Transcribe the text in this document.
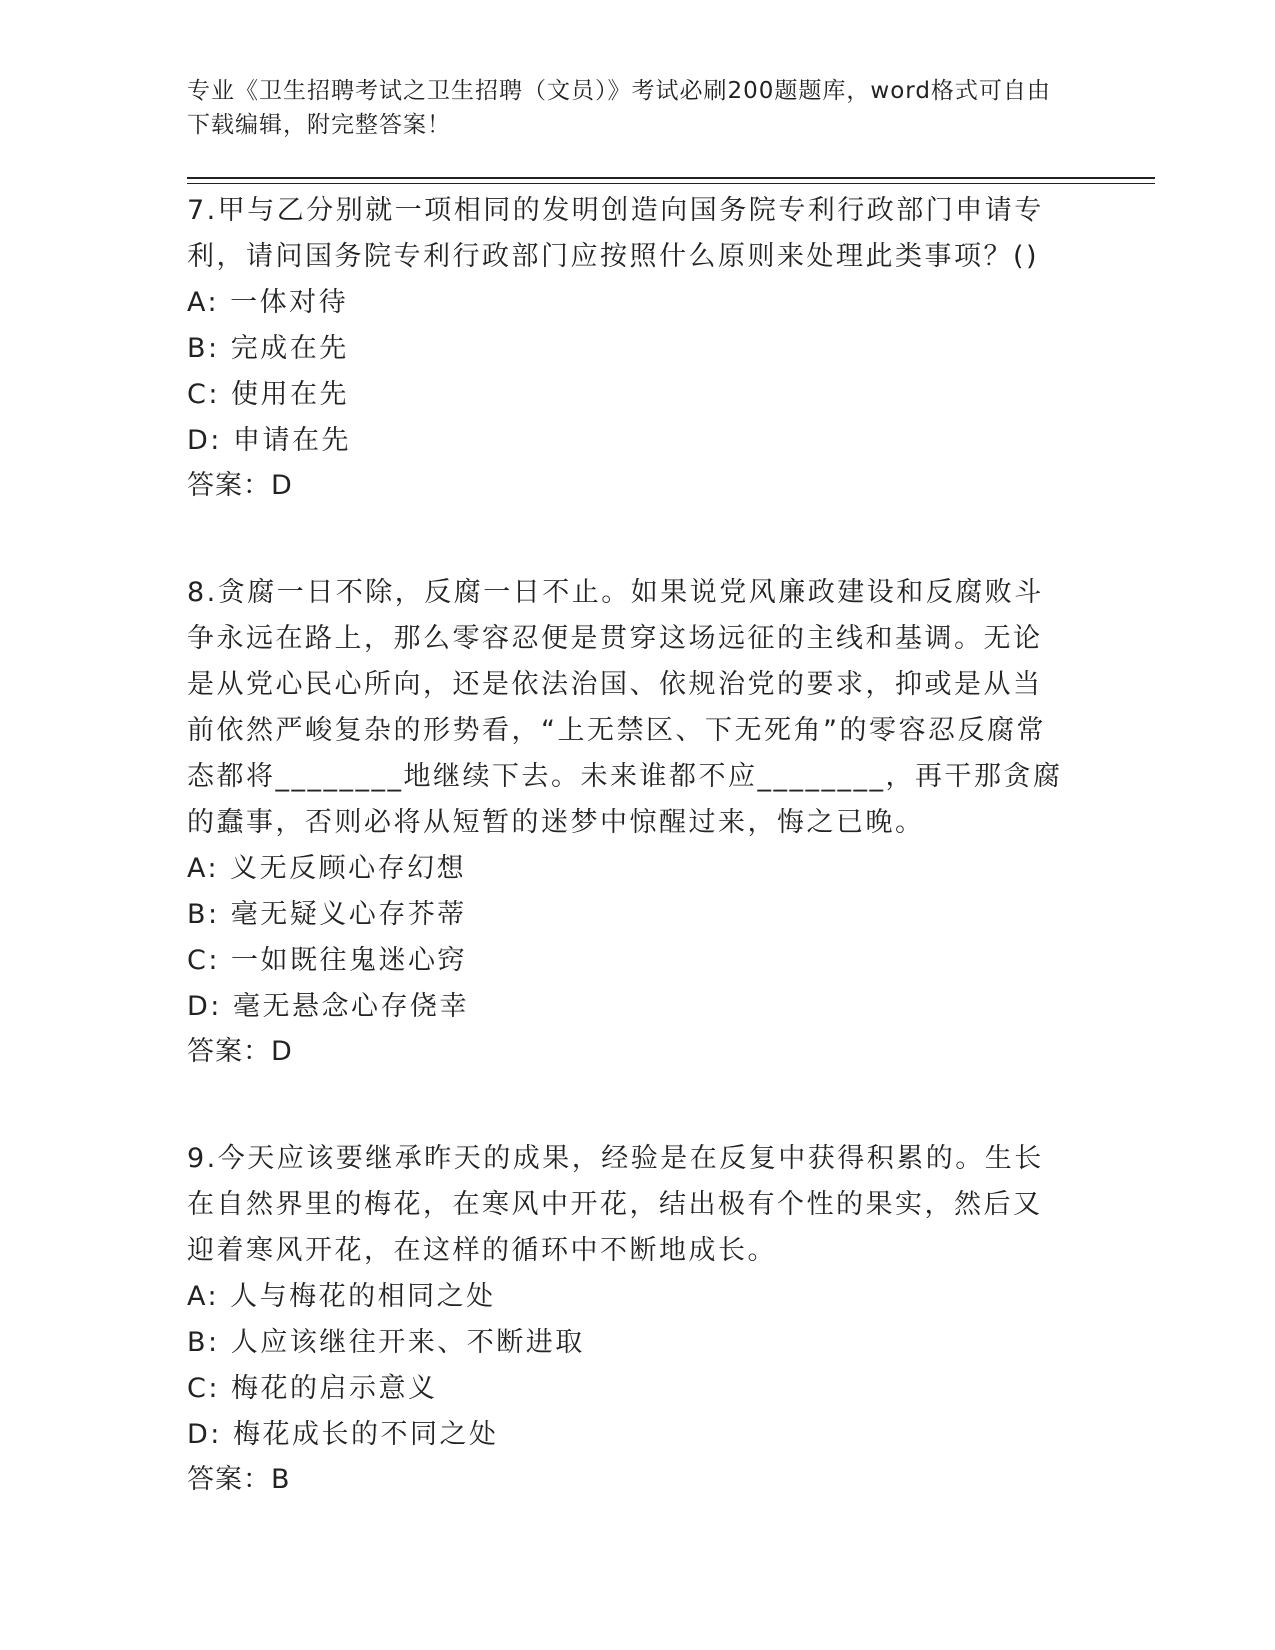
专业《卫生招聘考试之卫生招聘（文员）》考试必刷200题题库，word格式可自由下载编辑，附完整答案！
7.甲与乙分别就一项相同的发明创造向国务院专利行政部门申请专利，请问国务院专利行政部门应按照什么原则来处理此类事项？()
A: 一体对待
B: 完成在先
C: 使用在先
D: 申请在先
答案：D
8.贪腐一日不除，反腐一日不止。如果说党风廉政建设和反腐败斗争永远在路上，那么零容忍便是贯穿这场远征的主线和基调。无论是从党心民心所向，还是依法治国、依规治党的要求，抑或是从当前依然严峻复杂的形势看，“上无禁区、下无死角”的零容忍反腐常态都将________地继续下去。未来谁都不应________，再干那贪腐的蠢事，否则必将从短暂的迷梦中惊醒过来，悔之已晚。
A: 义无反顾心存幻想
B: 毫无疑义心存芥蒂
C: 一如既往鬼迷心窍
D: 毫无悬念心存侥幸
答案：D
9.今天应该要继承昨天的成果，经验是在反复中获得积累的。生长在自然界里的梅花，在寒风中开花，结出极有个性的果实，然后又迎着寒风开花，在这样的循环中不断地成长。
A: 人与梅花的相同之处
B: 人应该继往开来、不断进取
C: 梅花的启示意义
D: 梅花成长的不同之处
答案：B
